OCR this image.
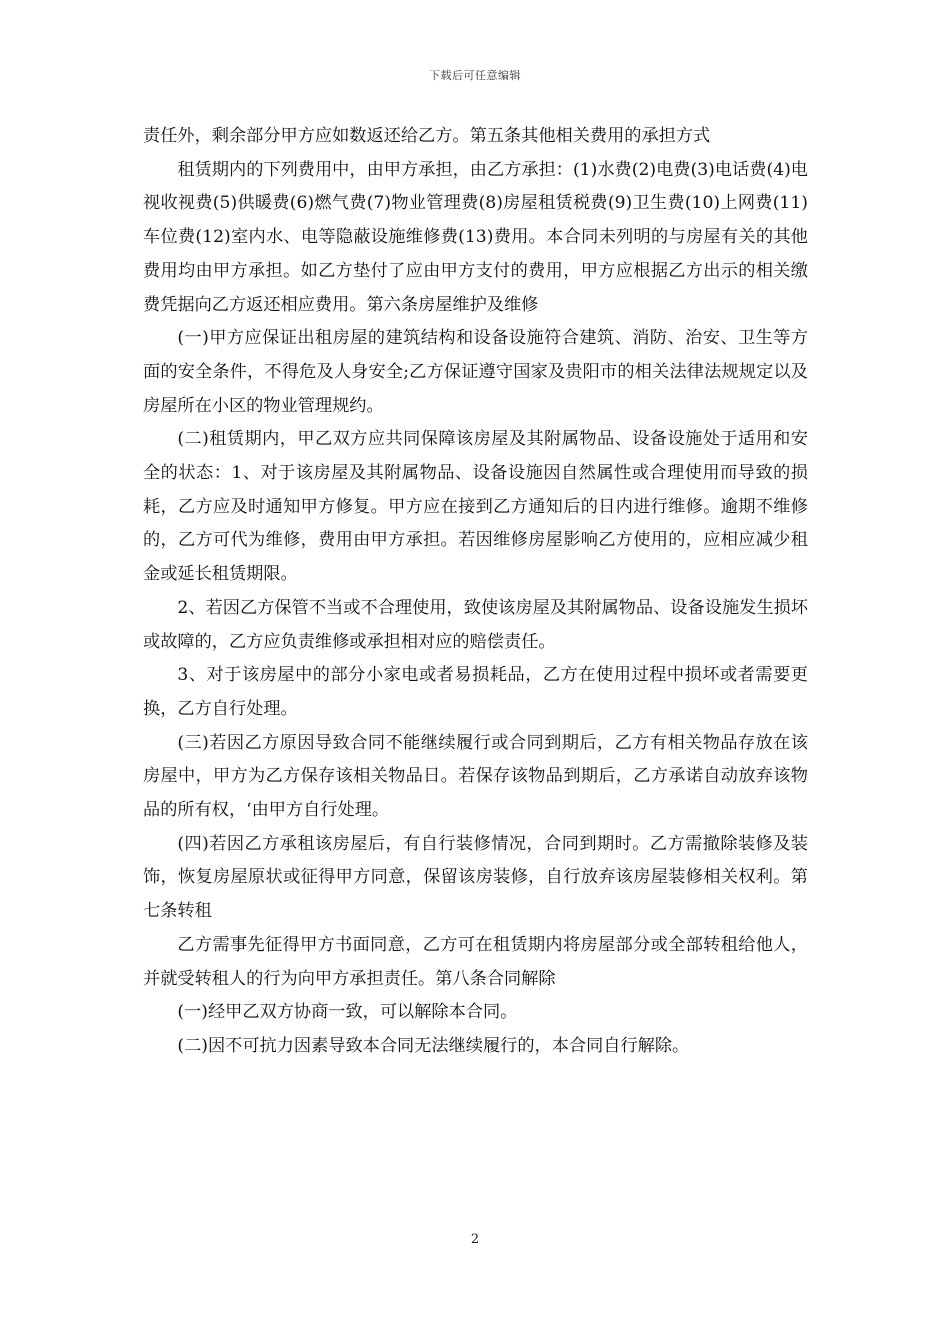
下载后可任意编辑

责任外，剩余部分甲方应如数返还给乙方。第五条其他相关费用的承担方式

租赁期内的下列费用中，由甲方承担，由乙方承担：(1)水费(2)电费(3)电话费(4)电视收视费(5)供暖费(6)燃气费(7)物业管理费(8)房屋租赁税费(9)卫生费(10)上网费(11)车位费(12)室内水、电等隐蔽设施维修费(13)费用。本合同未列明的与房屋有关的其他费用均由甲方承担。如乙方垫付了应由甲方支付的费用，甲方应根据乙方出示的相关缴费凭据向乙方返还相应费用。第六条房屋维护及维修

(一)甲方应保证出租房屋的建筑结构和设备设施符合建筑、消防、治安、卫生等方面的安全条件，不得危及人身安全;乙方保证遵守国家及贵阳市的相关法律法规规定以及房屋所在小区的物业管理规约。

(二)租赁期内，甲乙双方应共同保障该房屋及其附属物品、设备设施处于适用和安全的状态：1、对于该房屋及其附属物品、设备设施因自然属性或合理使用而导致的损耗，乙方应及时通知甲方修复。甲方应在接到乙方通知后的日内进行维修。逾期不维修的，乙方可代为维修，费用由甲方承担。若因维修房屋影响乙方使用的，应相应减少租金或延长租赁期限。

2、若因乙方保管不当或不合理使用，致使该房屋及其附属物品、设备设施发生损坏或故障的，乙方应负责维修或承担相对应的赔偿责任。

3、对于该房屋中的部分小家电或者易损耗品，乙方在使用过程中损坏或者需要更换，乙方自行处理。

(三)若因乙方原因导致合同不能继续履行或合同到期后，乙方有相关物品存放在该房屋中，甲方为乙方保存该相关物品日。若保存该物品到期后，乙方承诺自动放弃该物品的所有权，‘由甲方自行处理。

(四)若因乙方承租该房屋后，有自行装修情况，合同到期时。乙方需撤除装修及装饰，恢复房屋原状或征得甲方同意，保留该房装修，自行放弃该房屋装修相关权利。第七条转租

乙方需事先征得甲方书面同意，乙方可在租赁期内将房屋部分或全部转租给他人，并就受转租人的行为向甲方承担责任。第八条合同解除

(一)经甲乙双方协商一致，可以解除本合同。

(二)因不可抗力因素导致本合同无法继续履行的，本合同自行解除。

2
